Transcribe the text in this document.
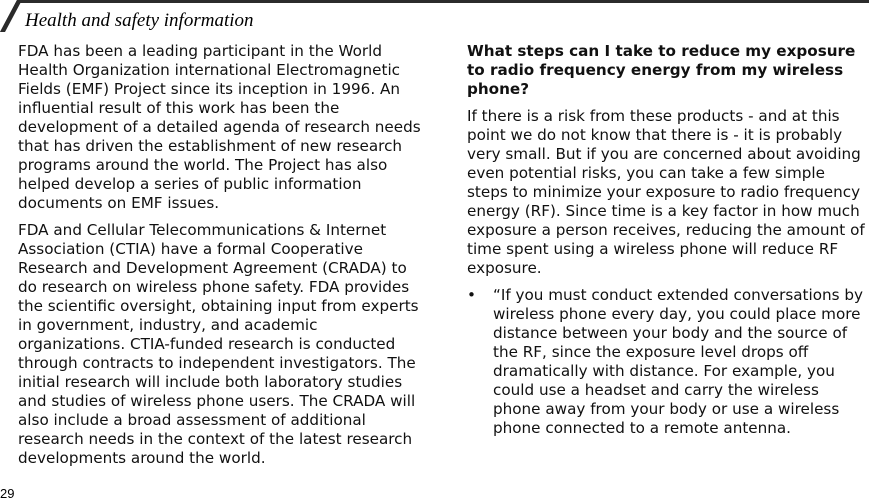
Health and safety information

FDA has been a leading participant in the World Health Organization international Electromagnetic Fields (EMF) Project since its inception in 1996. An influential result of this work has been the development of a detailed agenda of research needs that has driven the establishment of new research programs around the world. The Project has also helped develop a series of public information documents on EMF issues.

FDA and Cellular Telecommunications & Internet Association (CTIA) have a formal Cooperative Research and Development Agreement (CRADA) to do research on wireless phone safety. FDA provides the scientific oversight, obtaining input from experts in government, industry, and academic organizations. CTIA-funded research is conducted through contracts to independent investigators. The initial research will include both laboratory studies and studies of wireless phone users. The CRADA will also include a broad assessment of additional research needs in the context of the latest research developments around the world.

What steps can I take to reduce my exposure to radio frequency energy from my wireless phone?

If there is a risk from these products - and at this point we do not know that there is - it is probably very small. But if you are concerned about avoiding even potential risks, you can take a few simple steps to minimize your exposure to radio frequency energy (RF). Since time is a key factor in how much exposure a person receives, reducing the amount of time spent using a wireless phone will reduce RF exposure.

• “If you must conduct extended conversations by wireless phone every day, you could place more distance between your body and the source of the RF, since the exposure level drops off dramatically with distance. For example, you could use a headset and carry the wireless phone away from your body or use a wireless phone connected to a remote antenna.
29
